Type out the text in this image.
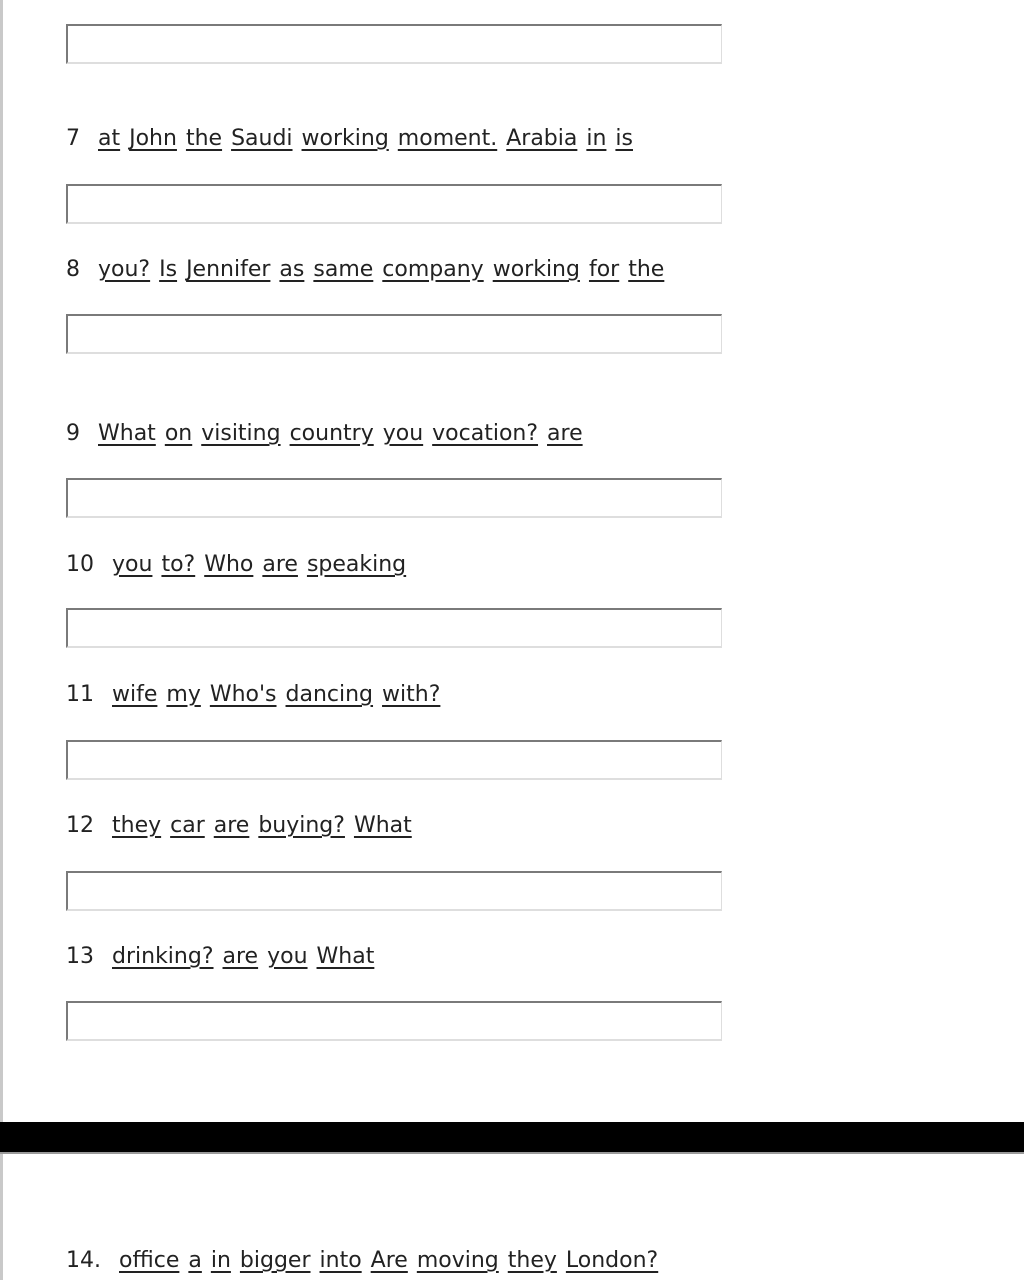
7 at John the Saudi working moment. Arabia in is
8 you? Is Jennifer as same company working for the
9 What on visiting country you vocation? are
10 you to? Who are speaking
11 wife my Who's dancing with?
12 they car are buying? What
13 drinking? are you What
14. office a in bigger into Are moving they London?
